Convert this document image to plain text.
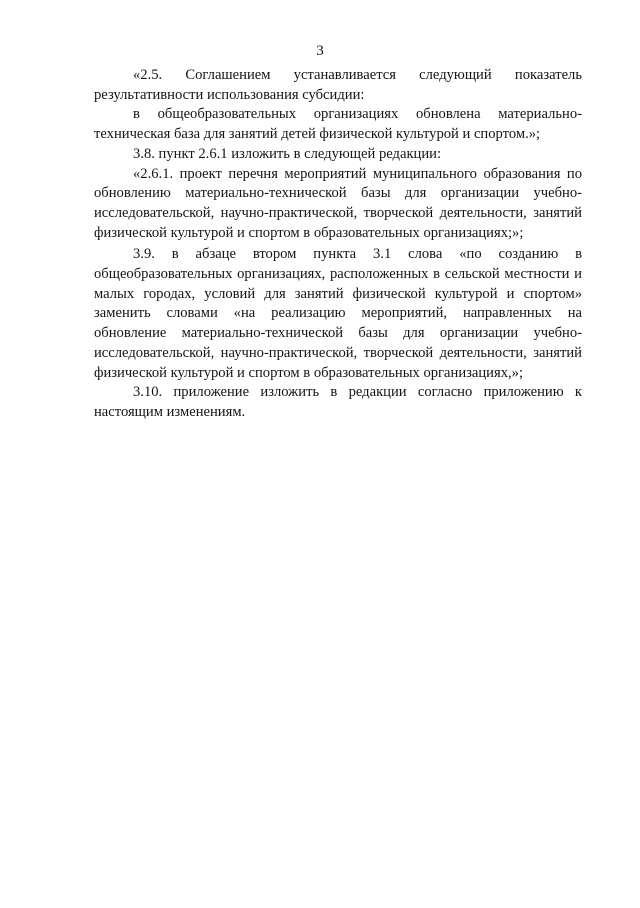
3

«2.5. Соглашением устанавливается следующий показатель результативности использования субсидии:

в общеобразовательных организациях обновлена материально-техническая база для занятий детей физической культурой и спортом.»;

3.8. пункт 2.6.1 изложить в следующей редакции:

«2.6.1. проект перечня мероприятий муниципального образования по обновлению материально-технической базы для организации учебно-исследовательской, научно-практической, творческой деятельности, занятий физической культурой и спортом в образовательных организациях;»;

3.9. в абзаце втором пункта 3.1 слова «по созданию в общеобразовательных организациях, расположенных в сельской местности и малых городах, условий для занятий физической культурой и спортом» заменить словами «на реализацию мероприятий, направленных на обновление материально-технической базы для организации учебно-исследовательской, научно-практической, творческой деятельности, занятий физической культурой и спортом в образовательных организациях,»;

3.10. приложение изложить в редакции согласно приложению к настоящим изменениям.
